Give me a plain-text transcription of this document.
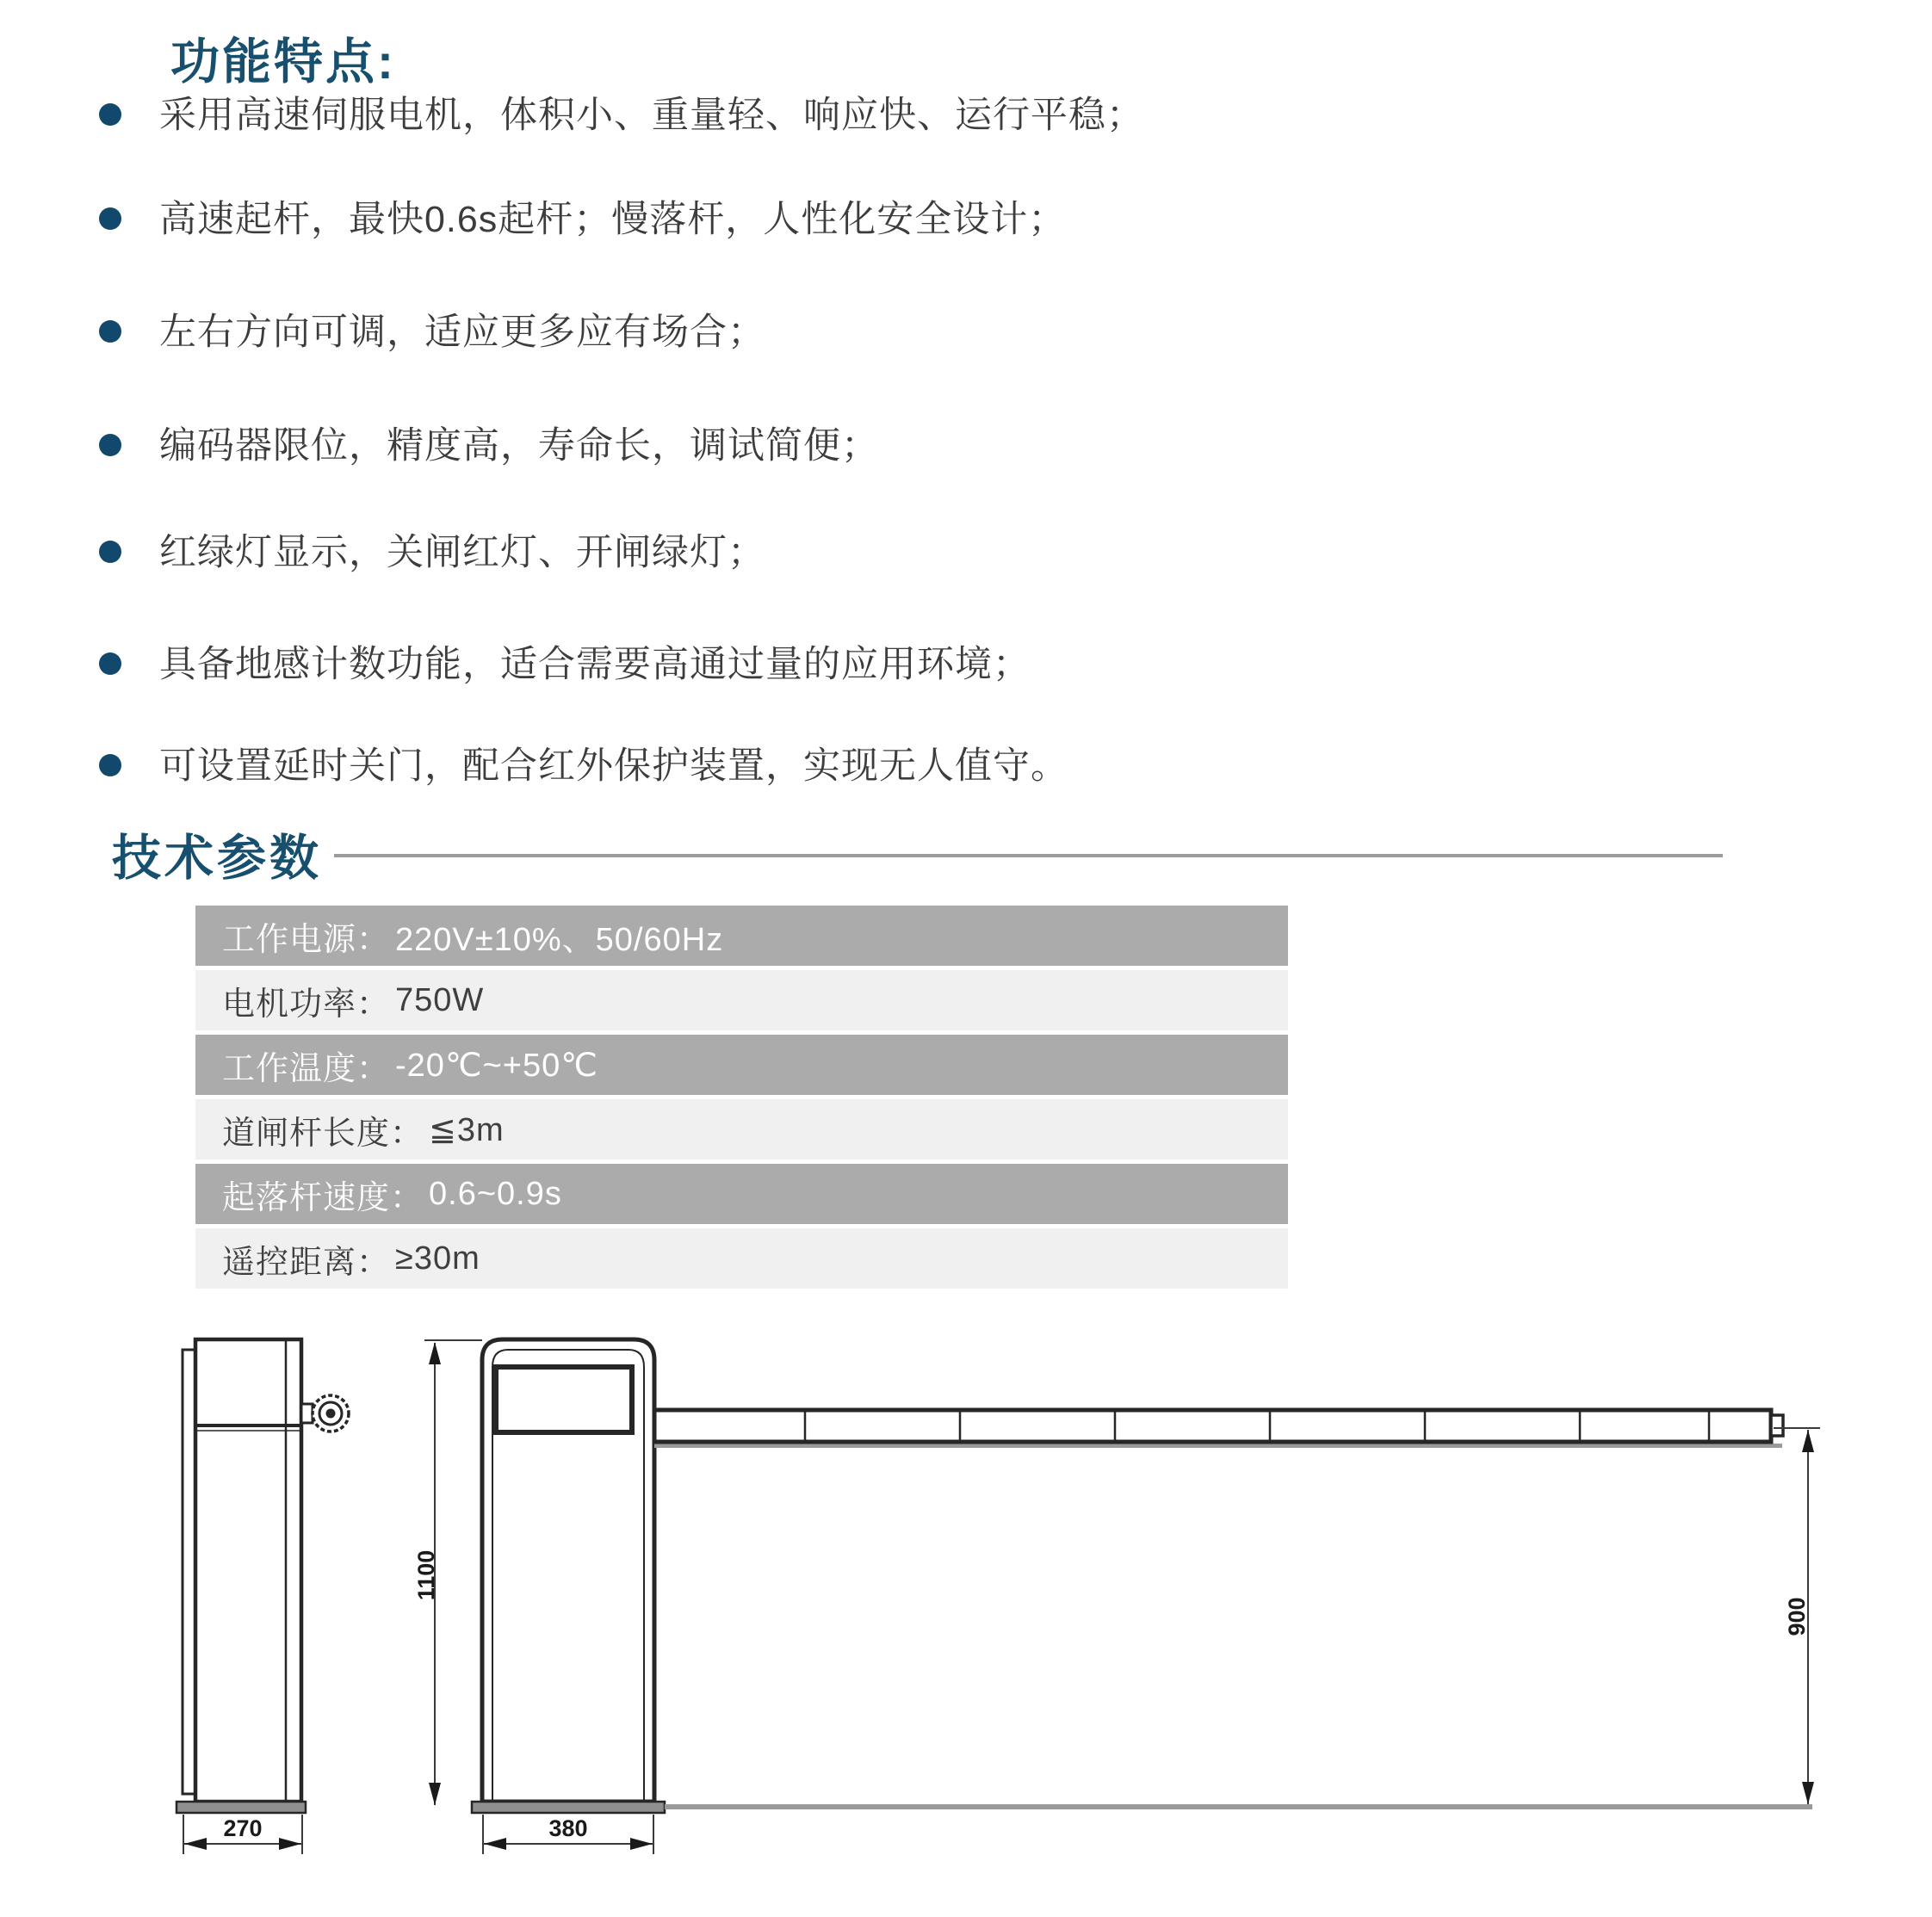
功能特点:
采用高速伺服电机，体积小、重量轻、响应快、运行平稳；
高速起杆，最快0.6s起杆；慢落杆，人性化安全设计；
左右方向可调，适应更多应有场合；
编码器限位，精度高，寿命长，调试简便；
红绿灯显示，关闸红灯、开闸绿灯；
具备地感计数功能，适合需要高通过量的应用环境；
可设置延时关门，配合红外保护装置，实现无人值守。
技术参数
工作电源： 220V±10%、50/60Hz
电机功率： 750W
工作温度： -20℃~+50℃
道闸杆长度： ≦3m
起落杆速度： 0.6~0.9s
遥控距离： ≥30m
1100
900
270	380
